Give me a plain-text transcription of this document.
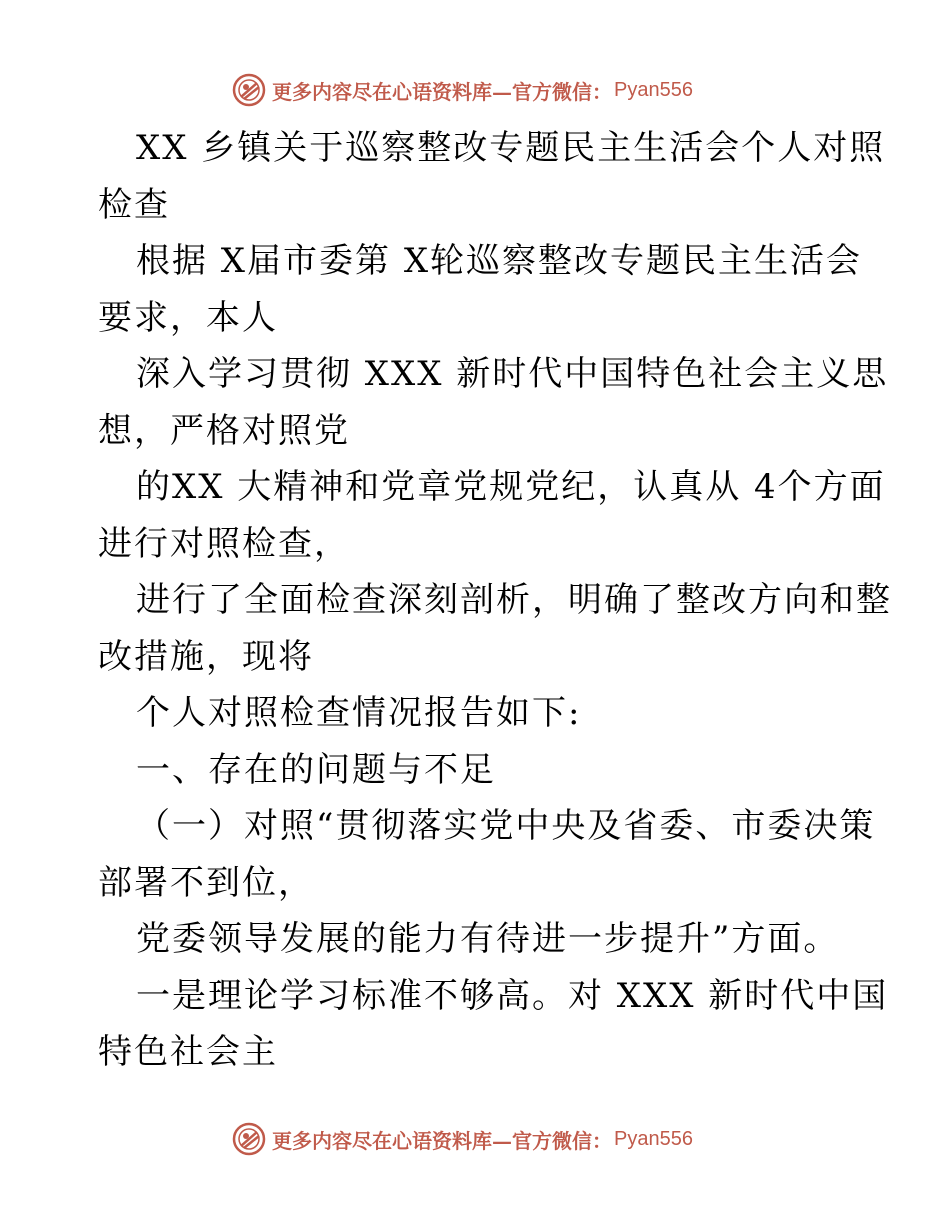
更多内容尽在心语资料库—官方微信： Pyan556
XX 乡镇关于巡察整改专题民主生活会个人对照
检查
根据 X届市委第 X轮巡察整改专题民主生活会
要求，本人
深入学习贯彻 XXX 新时代中国特色社会主义思
想，严格对照党
的XX 大精神和党章党规党纪，认真从 4个方面
进行对照检查，
进行了全面检查深刻剖析，明确了整改方向和整
改措施，现将
个人对照检查情况报告如下:
一、存在的问题与不足
（一）对照“贯彻落实党中央及省委、市委决策
部署不到位，
党委领导发展的能力有待进一步提升”方面。
一是理论学习标准不够高。对 XXX 新时代中国
特色社会主
更多内容尽在心语资料库—官方微信： Pyan556
